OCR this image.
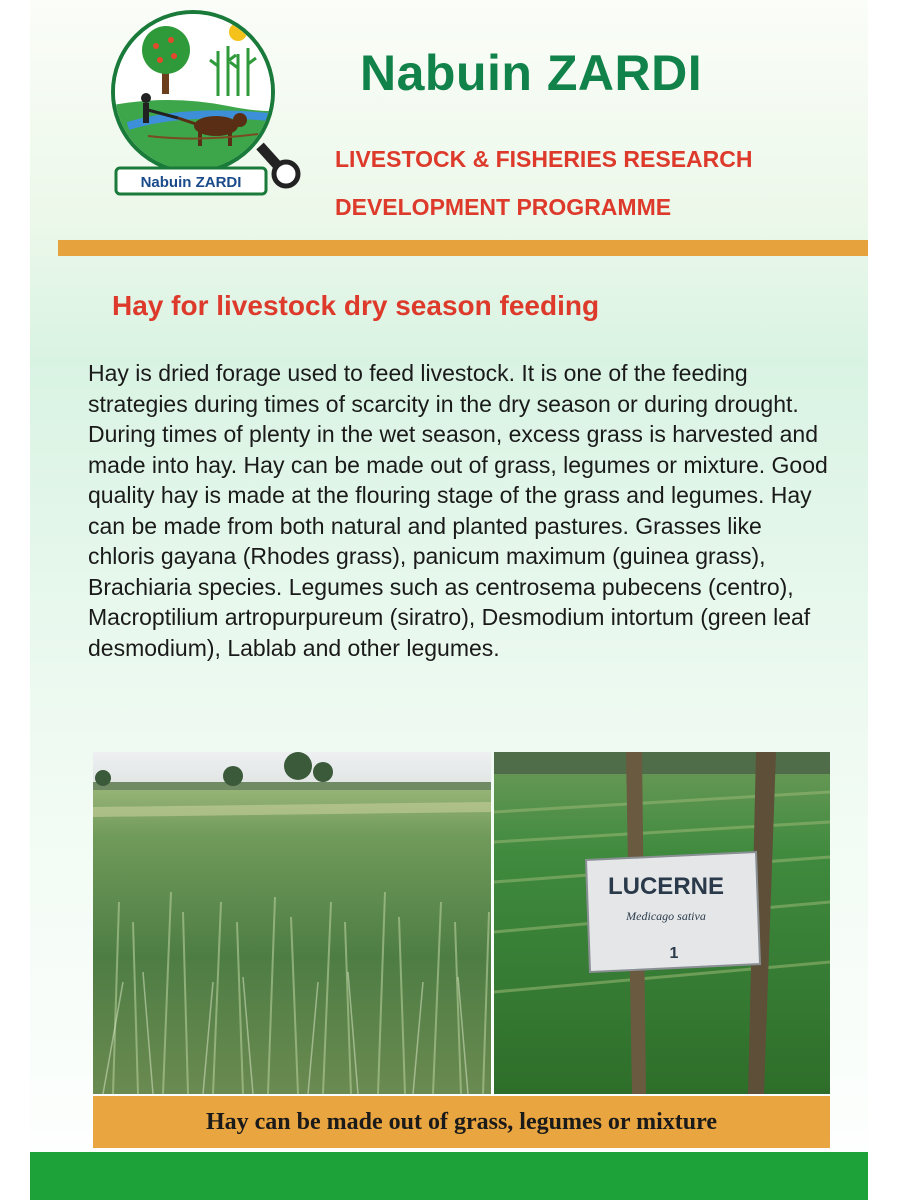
Nabuin ZARDI
Nabuin ZARDI
LIVESTOCK & FISHERIES RESEARCH
DEVELOPMENT PROGRAMME
Hay for livestock dry season feeding

Hay is dried forage used to feed livestock. It is one of the feeding strategies during times of scarcity in the dry season or during drought. During times of plenty in the wet season, excess grass is harvested and made into hay. Hay can be made out of grass, legumes or mixture. Good quality hay is made at the flouring stage of the grass and legumes. Hay can be made from both natural and planted pastures. Grasses like chloris gayana (Rhodes grass), panicum maximum (guinea grass), Brachiaria species. Legumes such as centrosema pubecens (centro), Macroptilium artropurpureum (siratro), Desmodium intortum (green leaf desmodium), Lablab and other legumes.

LUCERNE
Medicago sativa
1
Hay can be made out of grass, legumes or mixture
